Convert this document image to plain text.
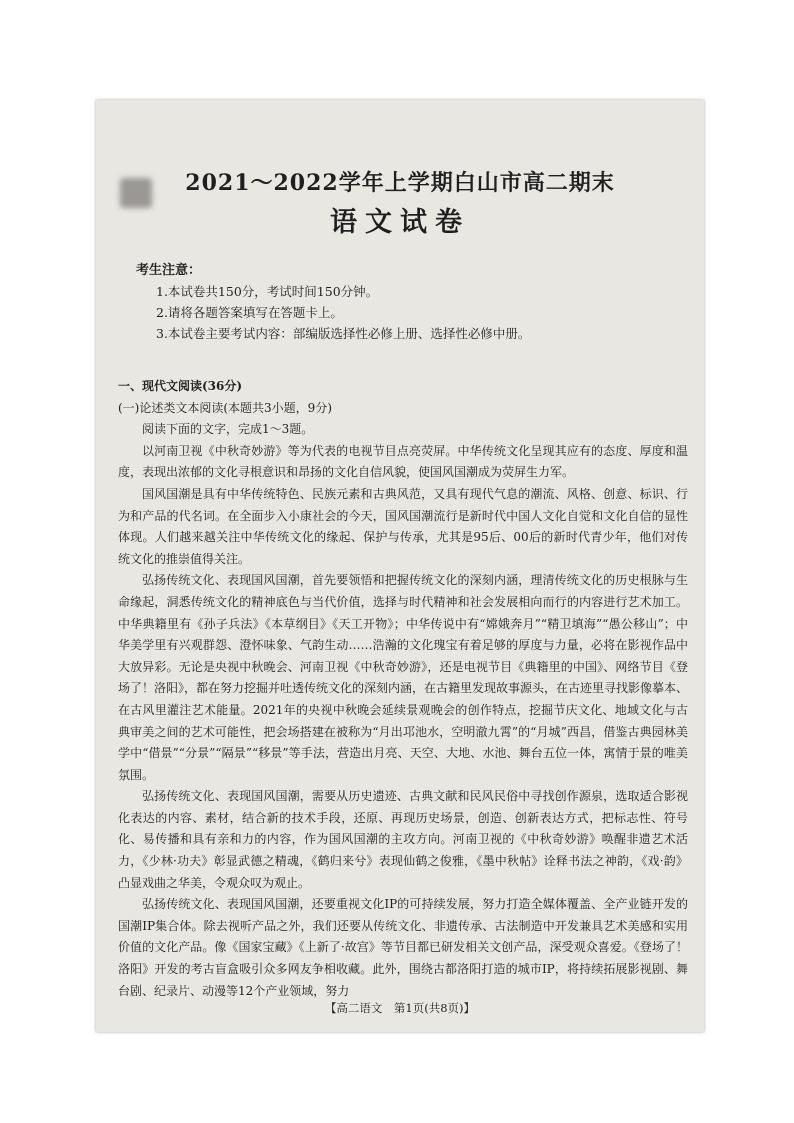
2021～2022学年上学期白山市高二期末
语文试卷
考生注意：
1.本试卷共150分，考试时间150分钟。
2.请将各题答案填写在答题卡上。
3.本试卷主要考试内容：部编版选择性必修上册、选择性必修中册。
一、现代文阅读(36分)
(一)论述类文本阅读(本题共3小题，9分)

阅读下面的文字，完成1～3题。

以河南卫视《中秋奇妙游》等为代表的电视节目点亮荧屏。中华传统文化呈现其应有的态度、厚度和温度，表现出浓郁的文化寻根意识和昂扬的文化自信风貌，使国风国潮成为荧屏生力军。

国风国潮是具有中华传统特色、民族元素和古典风范，又具有现代气息的潮流、风格、创意、标识、行为和产品的代名词。在全面步入小康社会的今天，国风国潮流行是新时代中国人文化自觉和文化自信的显性体现。人们越来越关注中华传统文化的缘起、保护与传承，尤其是95后、00后的新时代青少年，他们对传统文化的推崇值得关注。

弘扬传统文化、表现国风国潮，首先要领悟和把握传统文化的深刻内涵，理清传统文化的历史根脉与生命缘起，洞悉传统文化的精神底色与当代价值，选择与时代精神和社会发展相向而行的内容进行艺术加工。中华典籍里有《孙子兵法》《本草纲目》《天工开物》；中华传说中有“嫦娥奔月”“精卫填海”“愚公移山”；中华美学里有兴观群怨、澄怀味象、气韵生动……浩瀚的文化瑰宝有着足够的厚度与力量，必将在影视作品中大放异彩。无论是央视中秋晚会、河南卫视《中秋奇妙游》，还是电视节目《典籍里的中国》、网络节目《登场了！洛阳》，都在努力挖掘并吐透传统文化的深刻内涵，在古籍里发现故事源头，在古迹里寻找影像摹本、在古风里灌注艺术能量。2021年的央视中秋晚会延续景观晚会的创作特点，挖掘节庆文化、地域文化与古典审美之间的艺术可能性，把会场搭建在被称为“月出邛池水，空明澈九霄”的“月城”西昌，借鉴古典园林美学中“借景”“分景”“隔景”“移景”等手法，营造出月亮、天空、大地、水池、舞台五位一体，寓情于景的唯美氛围。

弘扬传统文化、表现国风国潮，需要从历史遗迹、古典文献和民风民俗中寻找创作源泉，选取适合影视化表达的内容、素材，结合新的技术手段，还原、再现历史场景，创造、创新表达方式，把标志性、符号化、易传播和具有亲和力的内容，作为国风国潮的主攻方向。河南卫视的《中秋奇妙游》唤醒非遗艺术活力，《少林·功夫》彰显武德之精魂，《鹤归来兮》表现仙鹤之俊雅，《墨中秋帖》诠释书法之神韵，《戏·韵》凸显戏曲之华美，令观众叹为观止。

弘扬传统文化、表现国风国潮，还要重视文化IP的可持续发展，努力打造全媒体覆盖、全产业链开发的国潮IP集合体。除去视听产品之外，我们还要从传统文化、非遗传承、古法制造中开发兼具艺术美感和实用价值的文化产品。像《国家宝藏》《上新了·故宫》等节目都已研发相关文创产品，深受观众喜爱。《登场了！洛阳》开发的考古盲盒吸引众多网友争相收藏。此外，围绕古都洛阳打造的城市IP，将持续拓展影视剧、舞台剧、纪录片、动漫等12个产业领域，努力

【高二语文　第1页(共8页)】
